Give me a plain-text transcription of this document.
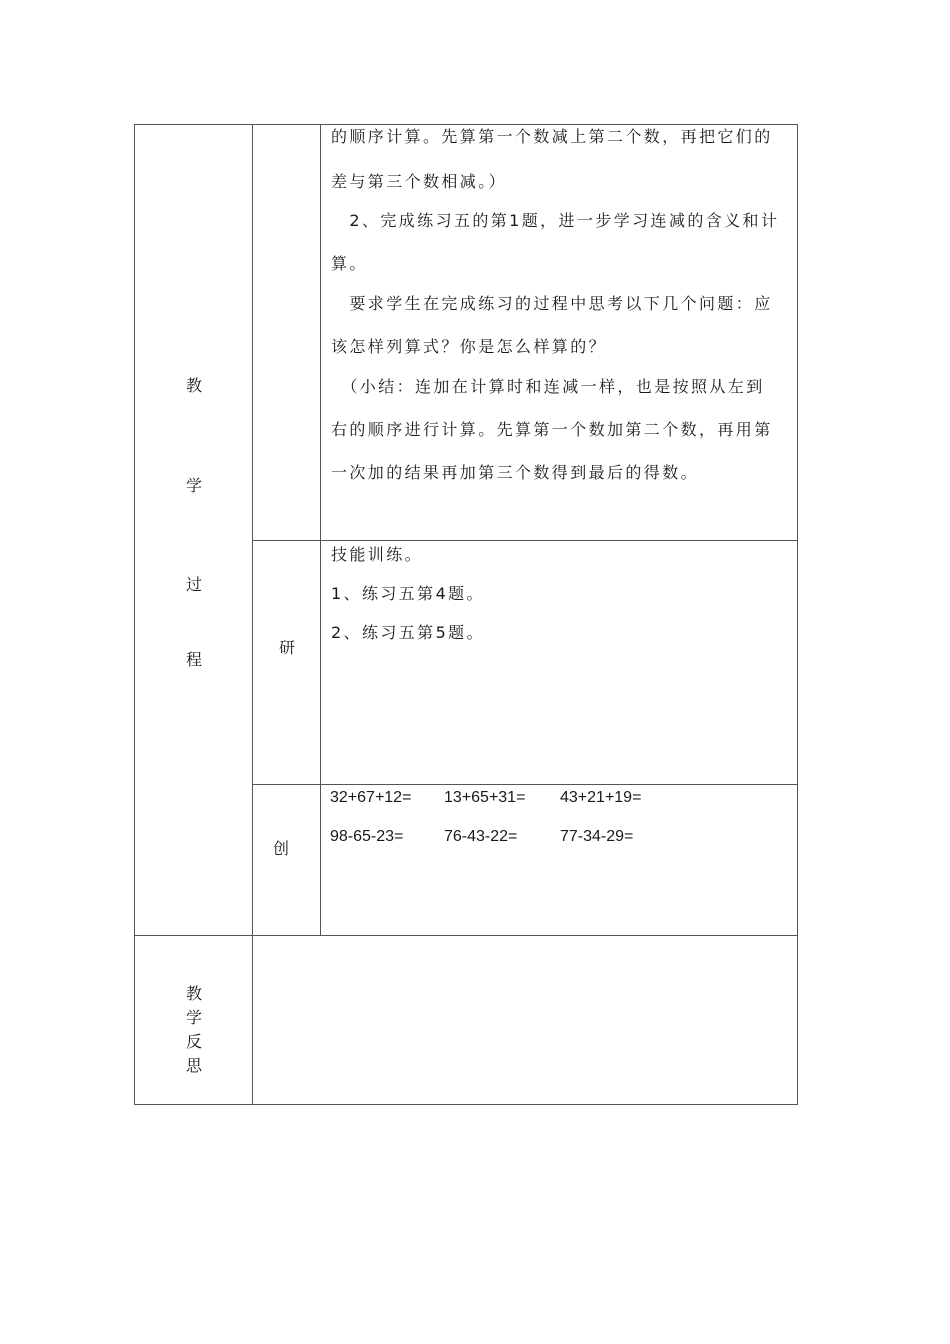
教
学
过
程
教
学
反
思
研
创
的顺序计算。先算第一个数减上第二个数，再把它们的
差与第三个数相减。）
　2、完成练习五的第1题，进一步学习连减的含义和计
算。
　要求学生在完成练习的过程中思考以下几个问题：应
该怎样列算式？你是怎么样算的？
　（小结：连加在计算时和连减一样，也是按照从左到
右的顺序进行计算。先算第一个数加第二个数，再用第
一次加的结果再加第三个数得到最后的得数。
技能训练。
1、练习五第4题。
2、练习五第5题。
32+67+12= 13+65+31= 43+21+19=
98-65-23=	76-43-22=	77-34-29=
